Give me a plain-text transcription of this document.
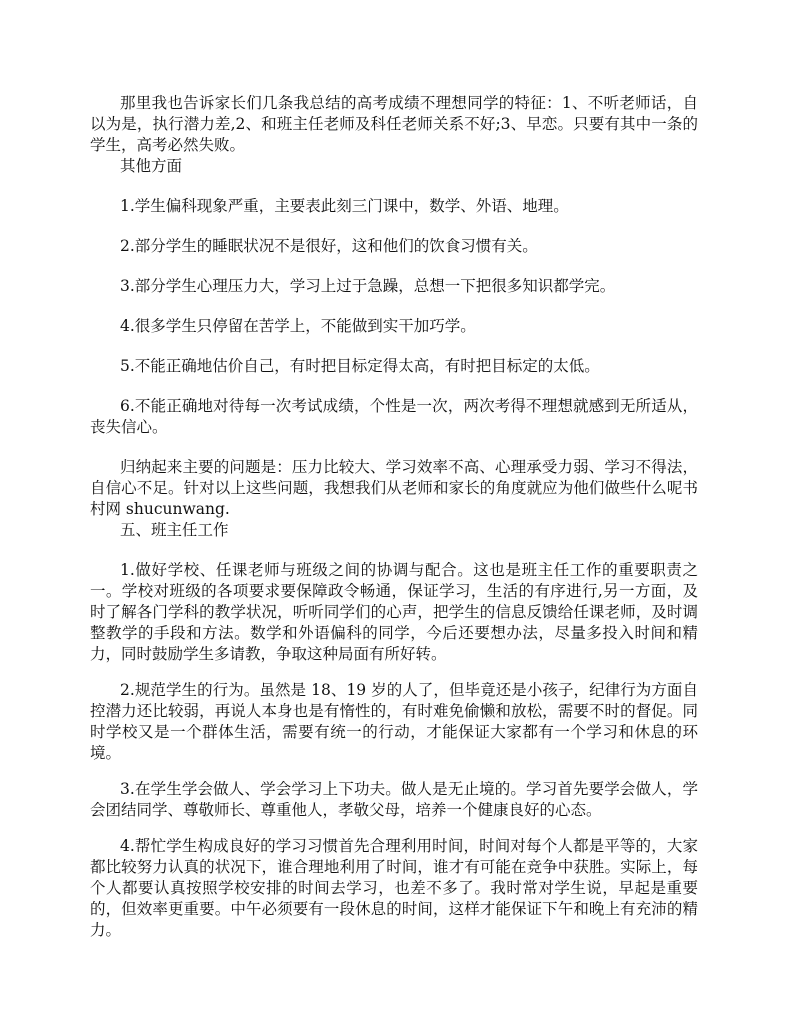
那里我也告诉家长们几条我总结的高考成绩不理想同学的特征：1、不听老师话，自以为是，执行潜力差,2、和班主任老师及科任老师关系不好;3、早恋。只要有其中一条的学生，高考必然失败。

其他方面

1.学生偏科现象严重，主要表此刻三门课中，数学、外语、地理。

2.部分学生的睡眠状况不是很好，这和他们的饮食习惯有关。

3.部分学生心理压力大，学习上过于急躁，总想一下把很多知识都学完。

4.很多学生只停留在苦学上，不能做到实干加巧学。

5.不能正确地估价自己，有时把目标定得太高，有时把目标定的太低。

6.不能正确地对待每一次考试成绩，个性是一次，两次考得不理想就感到无所适从，丧失信心。

归纳起来主要的问题是：压力比较大、学习效率不高、心理承受力弱、学习不得法，自信心不足。针对以上这些问题，我想我们从老师和家长的角度就应为他们做些什么呢书村网 shucunwang.

五、班主任工作

1.做好学校、任课老师与班级之间的协调与配合。这也是班主任工作的重要职责之一。学校对班级的各项要求要保障政令畅通，保证学习，生活的有序进行,另一方面，及时了解各门学科的教学状况，听听同学们的心声，把学生的信息反馈给任课老师，及时调整教学的手段和方法。数学和外语偏科的同学，今后还要想办法，尽量多投入时间和精力，同时鼓励学生多请教，争取这种局面有所好转。

2.规范学生的行为。虽然是 18、19 岁的人了，但毕竟还是小孩子，纪律行为方面自控潜力还比较弱，再说人本身也是有惰性的，有时难免偷懒和放松，需要不时的督促。同时学校又是一个群体生活，需要有统一的行动，才能保证大家都有一个学习和休息的环境。

3.在学生学会做人、学会学习上下功夫。做人是无止境的。学习首先要学会做人，学会团结同学、尊敬师长、尊重他人，孝敬父母，培养一个健康良好的心态。

4.帮忙学生构成良好的学习习惯首先合理利用时间，时间对每个人都是平等的，大家都比较努力认真的状况下，谁合理地利用了时间，谁才有可能在竞争中获胜。实际上，每个人都要认真按照学校安排的时间去学习，也差不多了。我时常对学生说，早起是重要的，但效率更重要。中午必须要有一段休息的时间，这样才能保证下午和晚上有充沛的精力。
